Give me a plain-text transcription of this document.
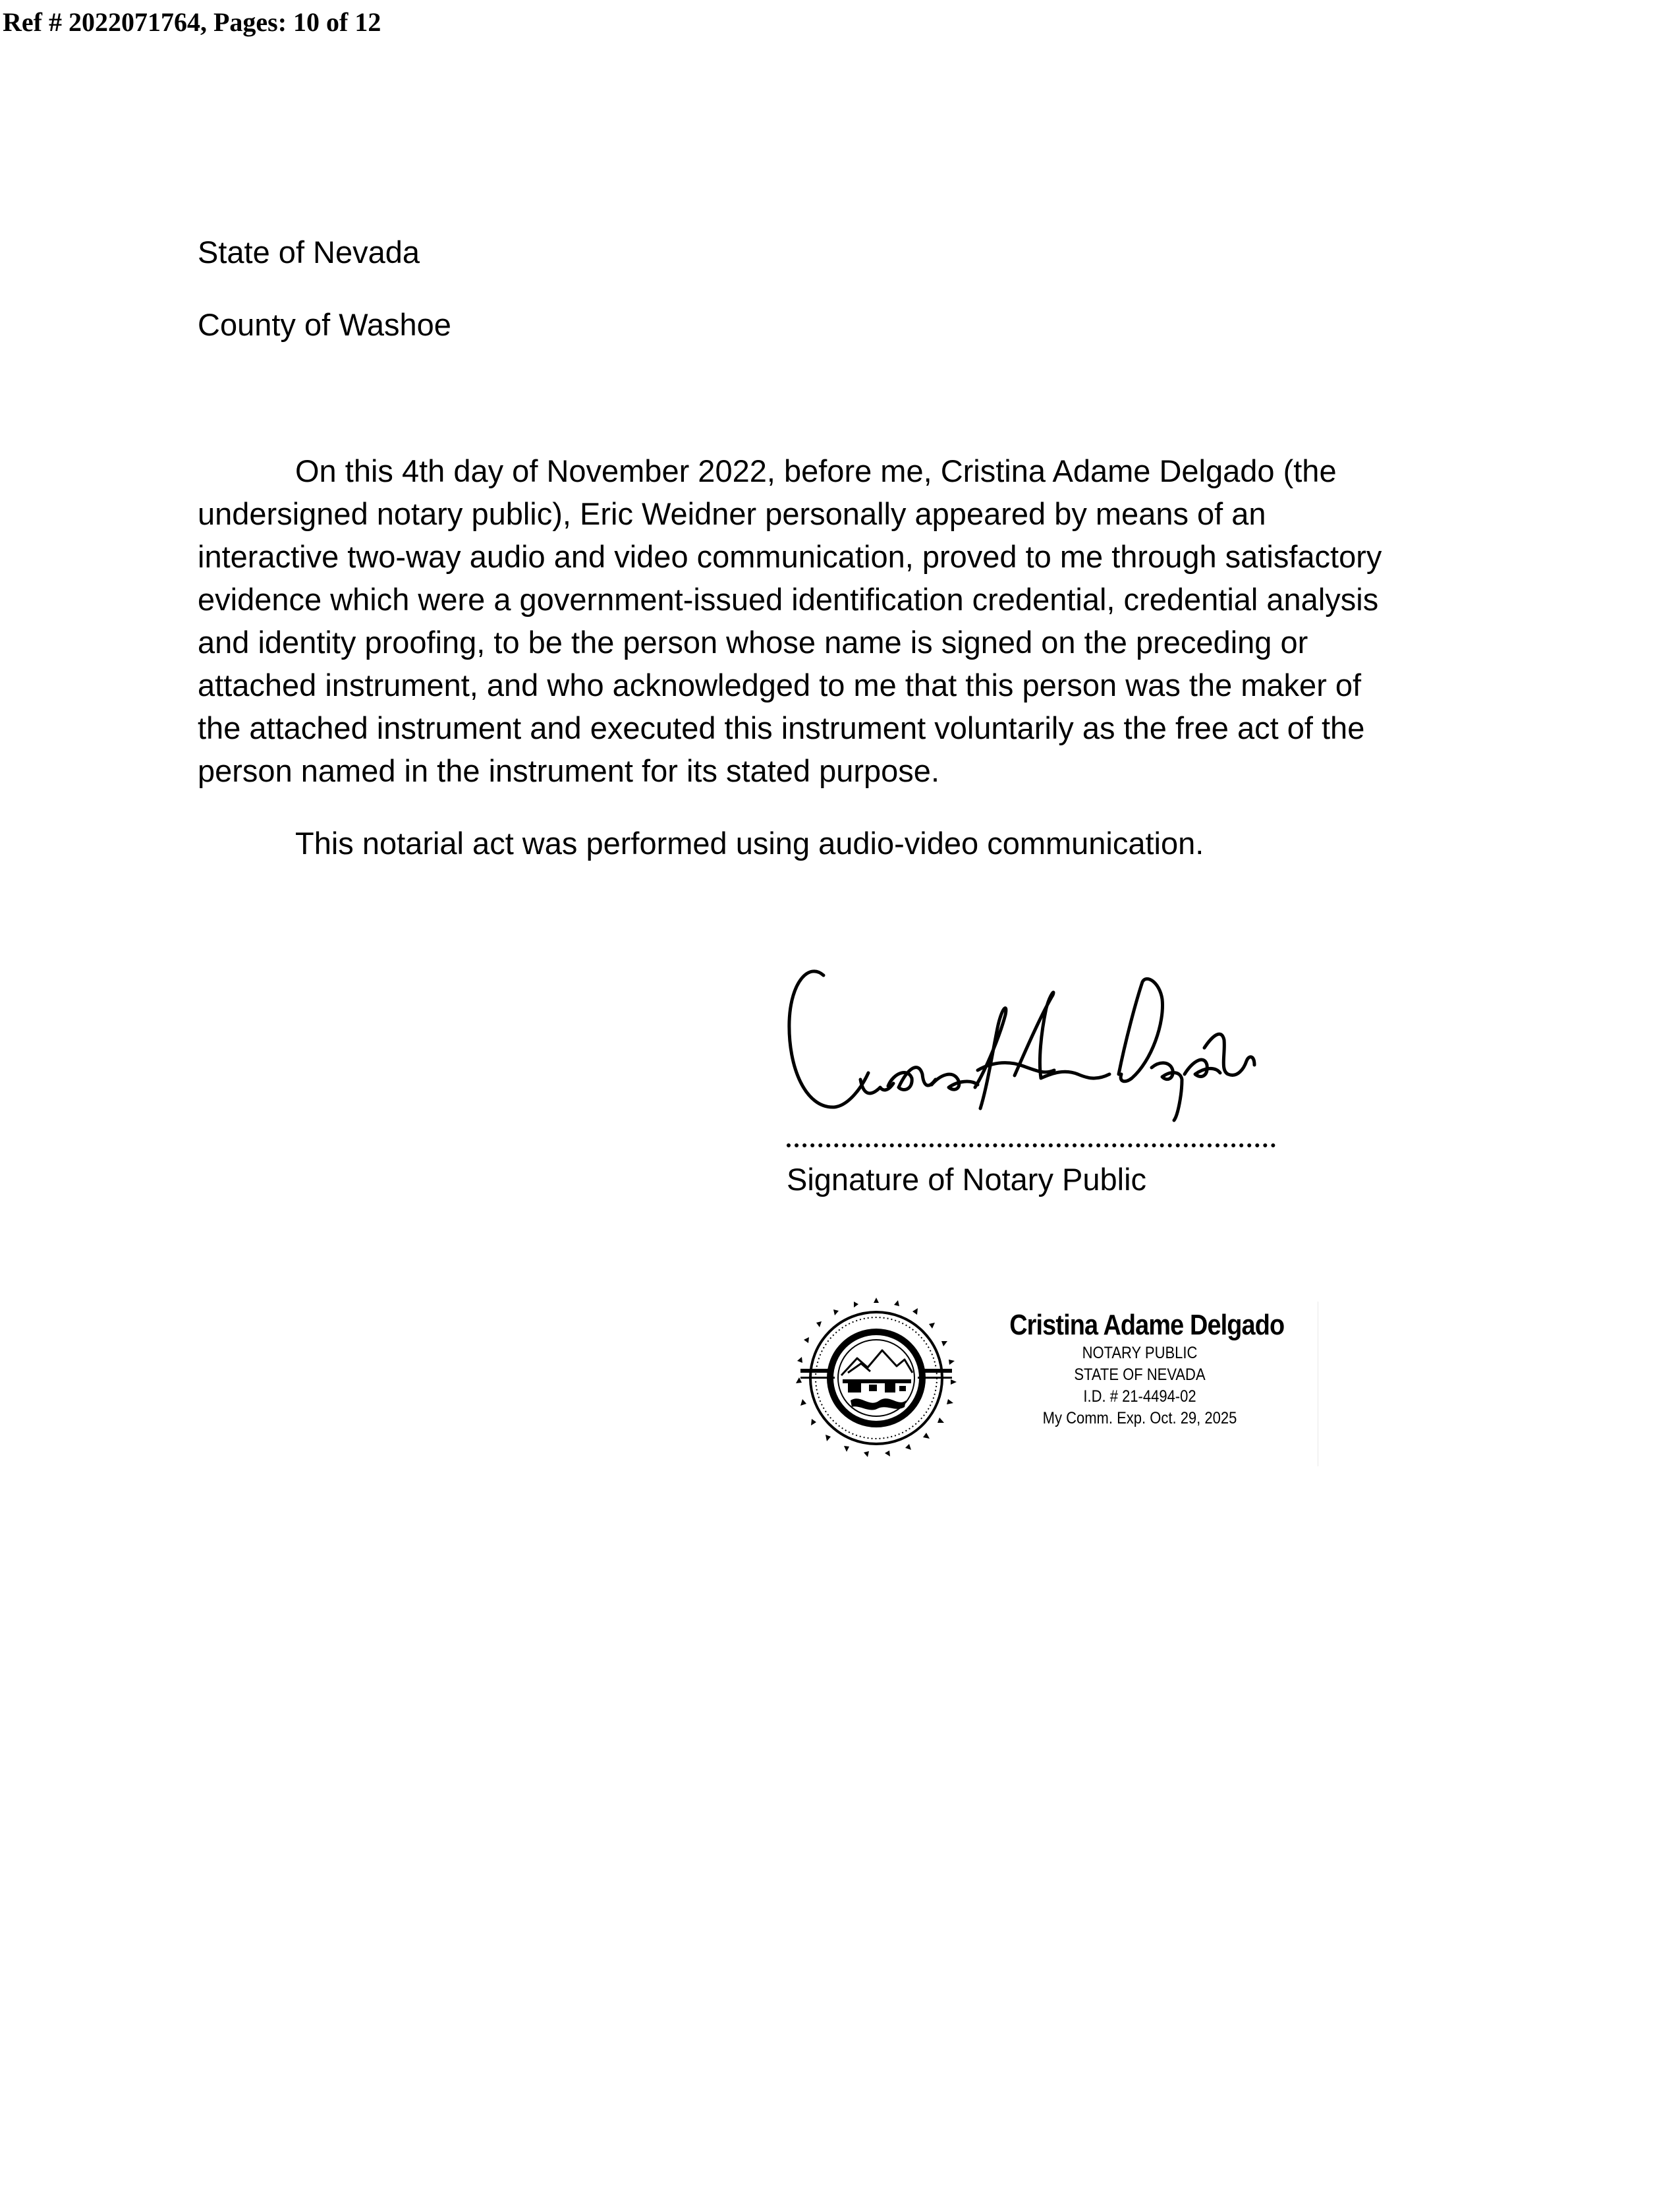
Ref # 2022071764, Pages: 10 of 12
State of Nevada
County of Washoe
On this 4th day of November 2022, before me, Cristina Adame Delgado (the
undersigned notary public), Eric Weidner personally appeared by means of an
interactive two-way audio and video communication, proved to me through satisfactory
evidence which were a government-issued identification credential, credential analysis
and identity proofing, to be the person whose name is signed on the preceding or
attached instrument, and who acknowledged to me that this person was the maker of
the attached instrument and executed this instrument voluntarily as the free act of the
person named in the instrument for its stated purpose.
This notarial act was performed using audio-video communication.
Signature of Notary Public
Cristina Adame Delgado
NOTARY PUBLIC
STATE OF NEVADA
I.D. # 21-4494-02
My Comm. Exp. Oct. 29, 2025
